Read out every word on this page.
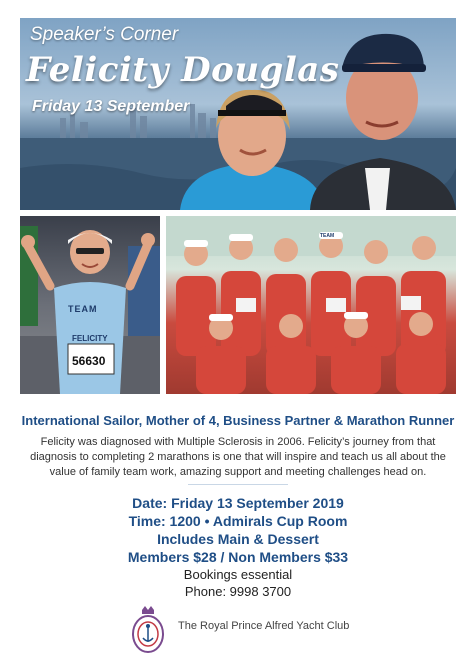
Speaker’s Corner
Felicity Douglas
Friday 13 September
TEAM
FELICITY
56630
TEAM
International Sailor, Mother of 4, Business Partner & Marathon Runner
Felicity was diagnosed with Multiple Sclerosis in 2006. Felicity’s journey from that diagnosis to completing 2 marathons is one that will inspire and teach us all about the value of family team work, amazing support and meeting challenges head on.
Date: Friday 13 September 2019
Time: 1200 • Admirals Cup Room
Includes Main & Dessert
Members $28 / Non Members $33
Bookings essential
Phone: 9998 3700
The Royal Prince Alfred Yacht Club
